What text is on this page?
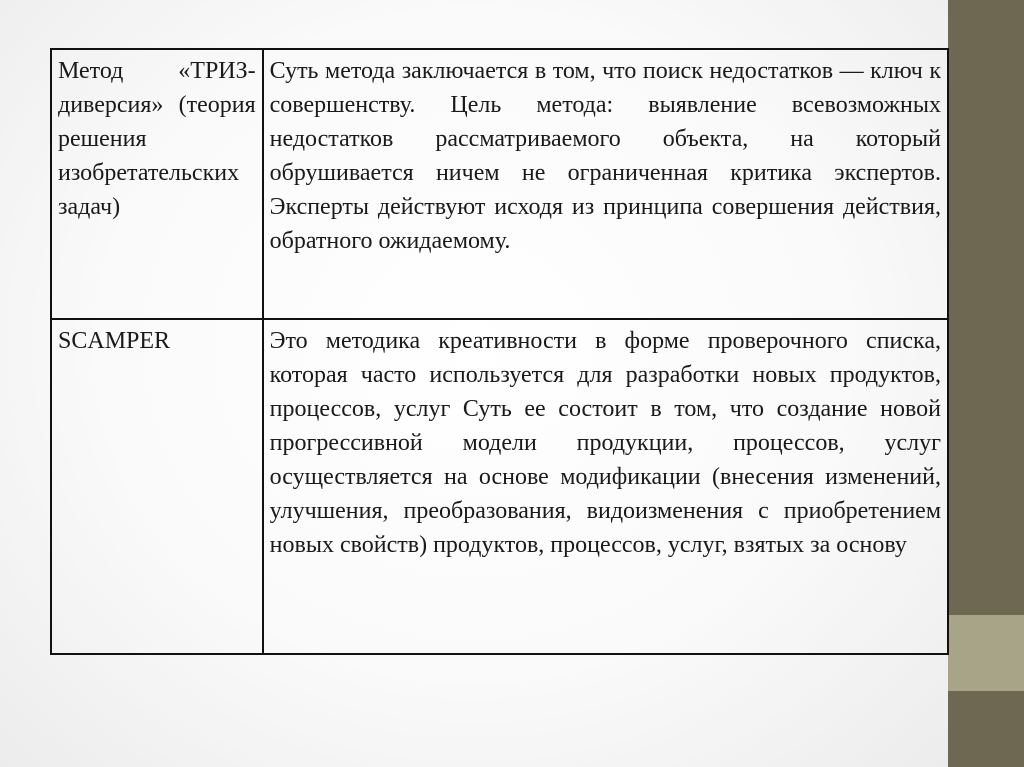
Метод «ТРИЗ-диверсия» (теория решения изобретательских задач)	Суть метода заключается в том, что поиск недостатков — ключ к совершенству. Цель метода: выявление всевозможных недостатков рассматриваемого объекта, на который обрушивается ничем не ограниченная критика экспертов. Эксперты действуют исходя из принципа совершения действия, обратного ожидаемому.

SCAMPER	Это методика креативности в форме проверочного списка, которая часто используется для разработки новых продуктов, процессов, услуг Суть ее состоит в том, что создание новой прогрессивной модели продукции, процессов, услуг осуществляется на основе модификации (внесения изменений, улучшения, преобразования, видоизменения с приобретением новых свойств) продуктов, процессов, услуг, взятых за основу
